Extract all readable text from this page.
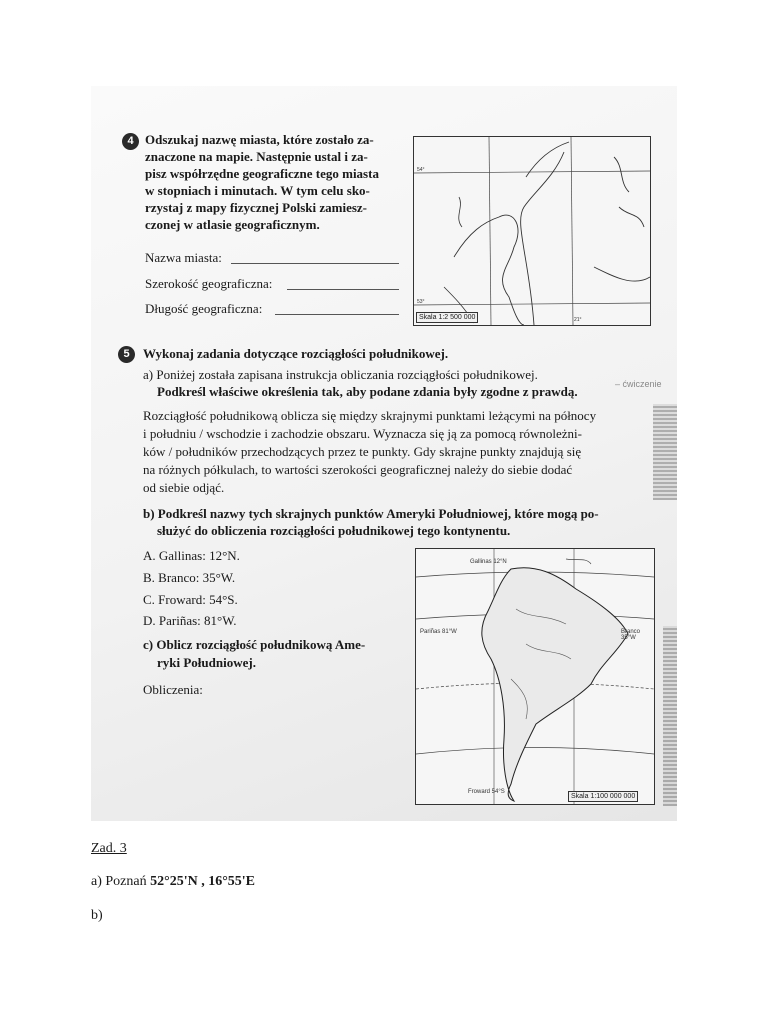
4 Odszukaj nazwę miasta, które zostało za-
znaczone na mapie. Następnie ustal i za-
pisz współrzędne geograficzne tego miasta
w stopniach i minutach. W tym celu sko-
rzystaj z mapy fizycznej Polski zamiesz-
czonej w atlasie geograficznym.
Nazwa miasta:
Szerokość geograficzna:
Długość geograficzna:
54°
53°
21°
Skala 1:2 500 000
5	Wykonaj zadania dotyczące rozciągłości południkowej.
a) Poniżej została zapisana instrukcja obliczania rozciągłości południkowej.
Podkreśl właściwe określenia tak, aby podane zdania były zgodne z prawdą.	– ćwiczenie
Rozciągłość południkową oblicza się między skrajnymi punktami leżącymi na północy
i południu / wschodzie i zachodzie obszaru. Wyznacza się ją za pomocą równoleżni-
ków / południków przechodzących przez te punkty. Gdy skrajne punkty znajdują się
na różnych półkulach, to wartości szerokości geograficznej należy do siebie dodać
od siebie odjąć.
b) Podkreśl nazwy tych skrajnych punktów Ameryki Południowej, które mogą po-
służyć do obliczenia rozciągłości południkowej tego kontynentu.
A. Gallinas: 12°N.
B. Branco: 35°W.
C. Froward: 54°S.
D. Pariñas: 81°W.
c) Oblicz rozciągłość południkową Ame-
ryki Południowej.
Obliczenia:
Gallinas 12°N
Pariñas 81°W	Branco 35°W
Froward 54°S
Skala 1:100 000 000
Zad. 3
a) Poznań 52°25'N , 16°55'E
b)
